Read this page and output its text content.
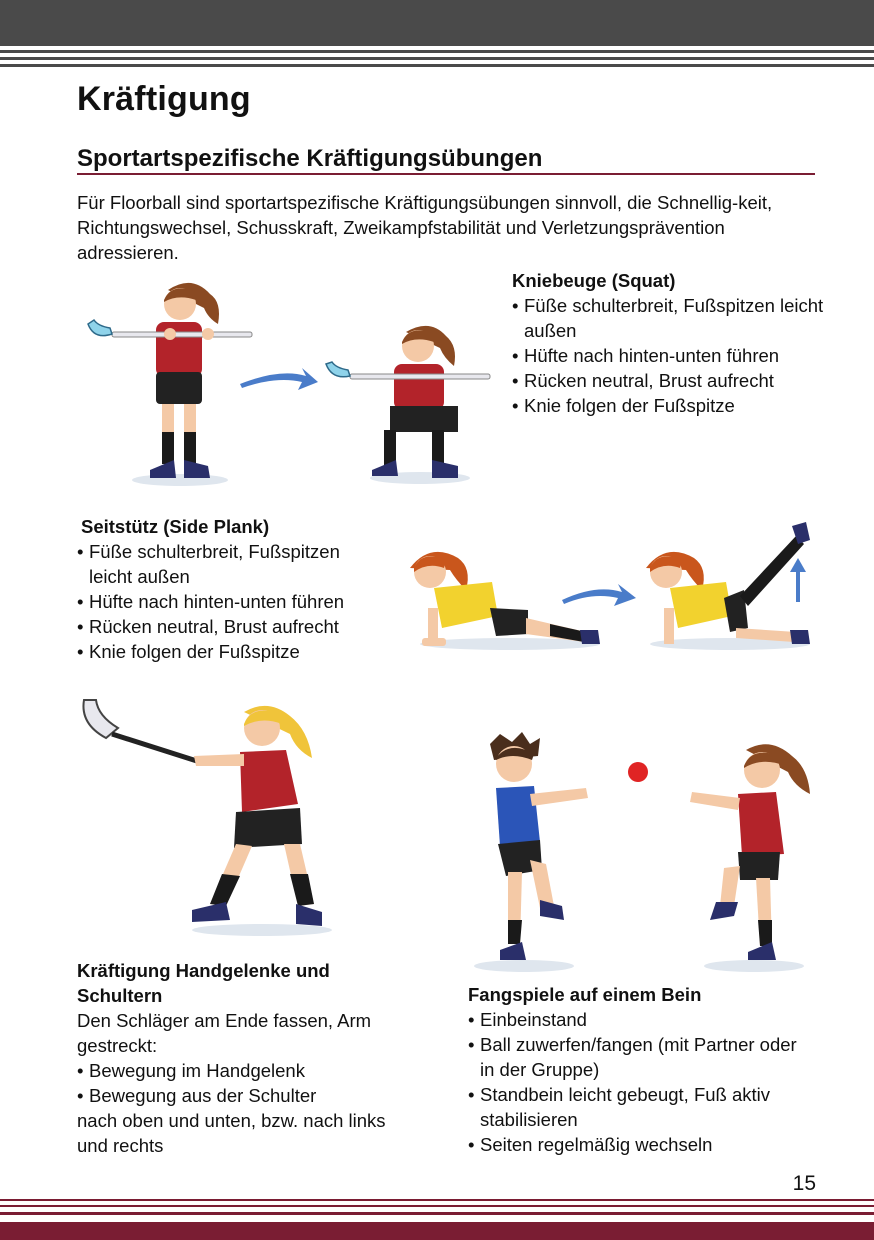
Kräftigung
Sportartspezifische Kräftigungsübungen

Für Floorball sind sportartspezifische Kräftigungsübungen sinnvoll, die Schnellig-keit, Richtungswechsel, Schusskraft, Zweikampfstabilität und Verletzungsprävention adressieren.

Kniebeuge (Squat)
• Füße schulterbreit, Fußspitzen leicht außen
• Hüfte nach hinten-unten führen
• Rücken neutral, Brust aufrecht
• Knie folgen der Fußspitze
Seitstütz (Side Plank)
• Füße schulterbreit, Fußspitzen leicht außen
• Hüfte nach hinten-unten führen
• Rücken neutral, Brust aufrecht
• Knie folgen der Fußspitze
Kräftigung Handgelenke und
Schultern

Den Schläger am Ende fassen, Arm
gestreckt:

• Bewegung im Handgelenk
• Bewegung aus der Schulter

nach oben und unten, bzw. nach links
und rechts

Fangspiele auf einem Bein
• Einbeinstand
• Ball zuwerfen/fangen (mit Partner oder in der Gruppe)
• Standbein leicht gebeugt, Fuß aktiv stabilisieren
• Seiten regelmäßig wechseln
15
